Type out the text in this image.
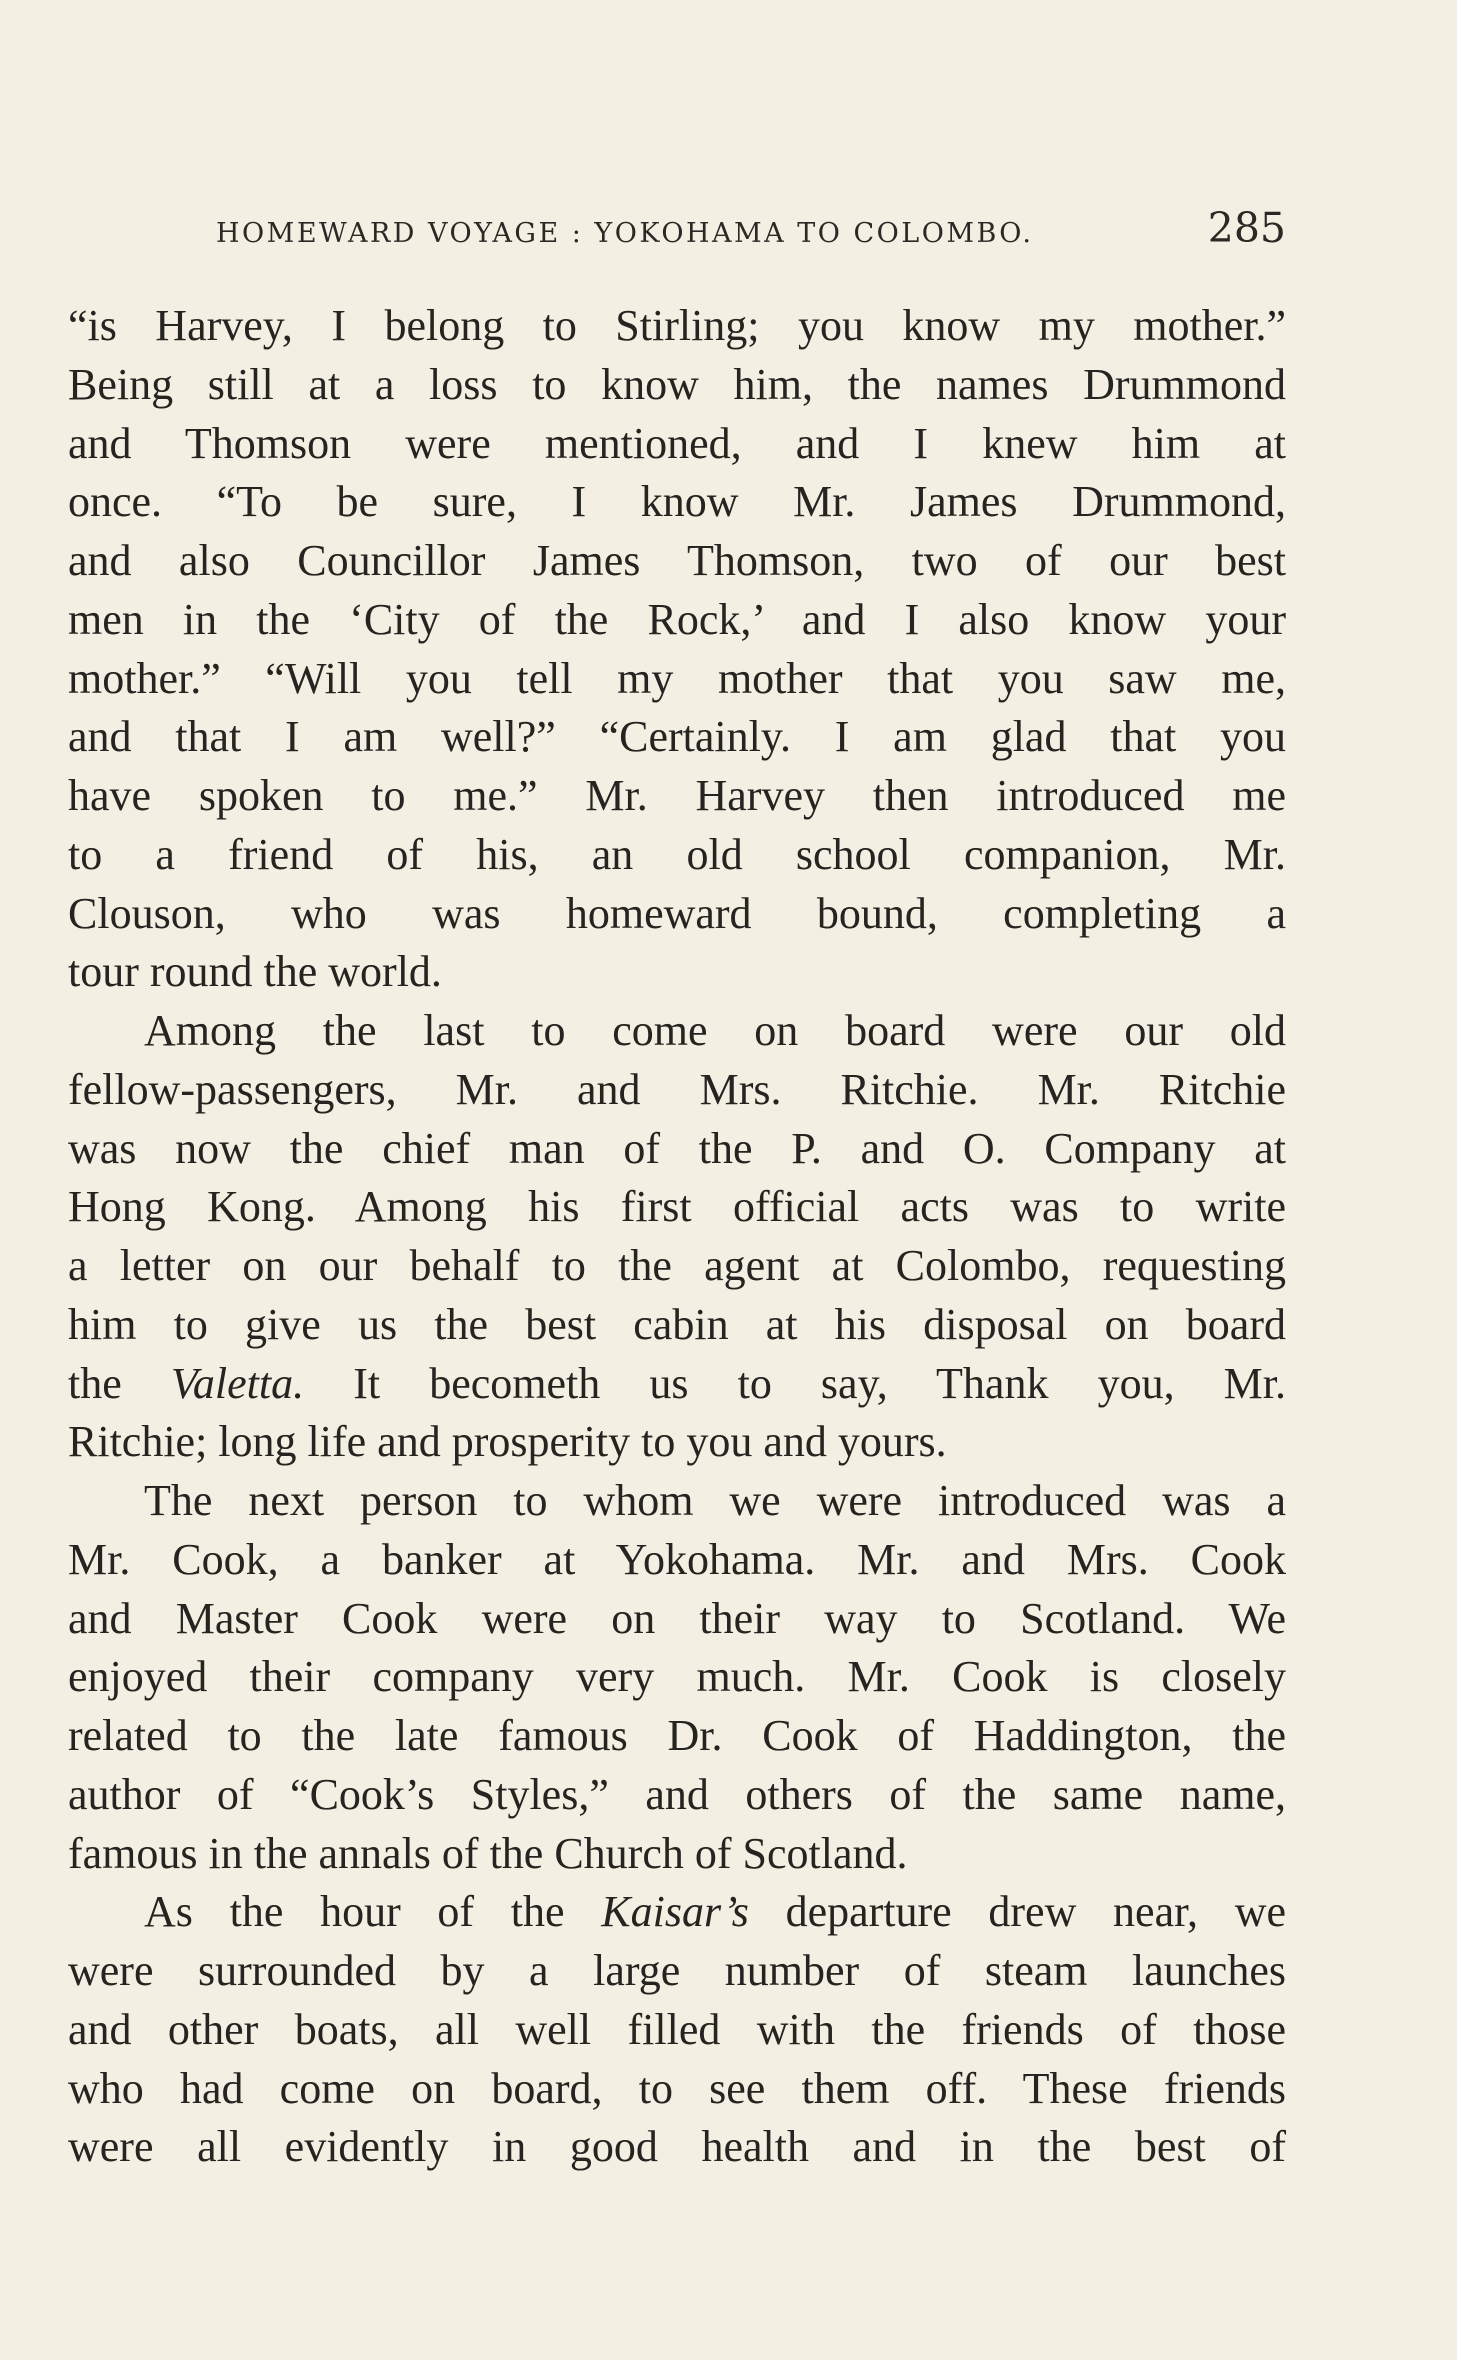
HOMEWARD VOYAGE : YOKOHAMA TO COLOMBO.	285
“is Harvey, I belong to Stirling; you know my mother.”
Being still at a loss to know him, the names Drummond
and Thomson were mentioned, and I knew him at
once. “To be sure, I know Mr. James Drummond,
and also Councillor James Thomson, two of our best
men in the ‘City of the Rock,’ and I also know your
mother.” “Will you tell my mother that you saw me,
and that I am well?” “Certainly. I am glad that you
have spoken to me.” Mr. Harvey then introduced me
to a friend of his, an old school companion, Mr.
Clouson, who was homeward bound, completing a
tour round the world.
Among the last to come on board were our old
fellow-passengers, Mr. and Mrs. Ritchie. Mr. Ritchie
was now the chief man of the P. and O. Company at
Hong Kong. Among his first official acts was to write
a letter on our behalf to the agent at Colombo, requesting
him to give us the best cabin at his disposal on board
the Valetta. It becometh us to say, Thank you, Mr.
Ritchie; long life and prosperity to you and yours.
The next person to whom we were introduced was a
Mr. Cook, a banker at Yokohama. Mr. and Mrs. Cook
and Master Cook were on their way to Scotland. We
enjoyed their company very much. Mr. Cook is closely
related to the late famous Dr. Cook of Haddington, the
author of “Cook’s Styles,” and others of the same name,
famous in the annals of the Church of Scotland.
As the hour of the Kaisar’s departure drew near, we
were surrounded by a large number of steam launches
and other boats, all well filled with the friends of those
who had come on board, to see them off. These friends
were all evidently in good health and in the best of
